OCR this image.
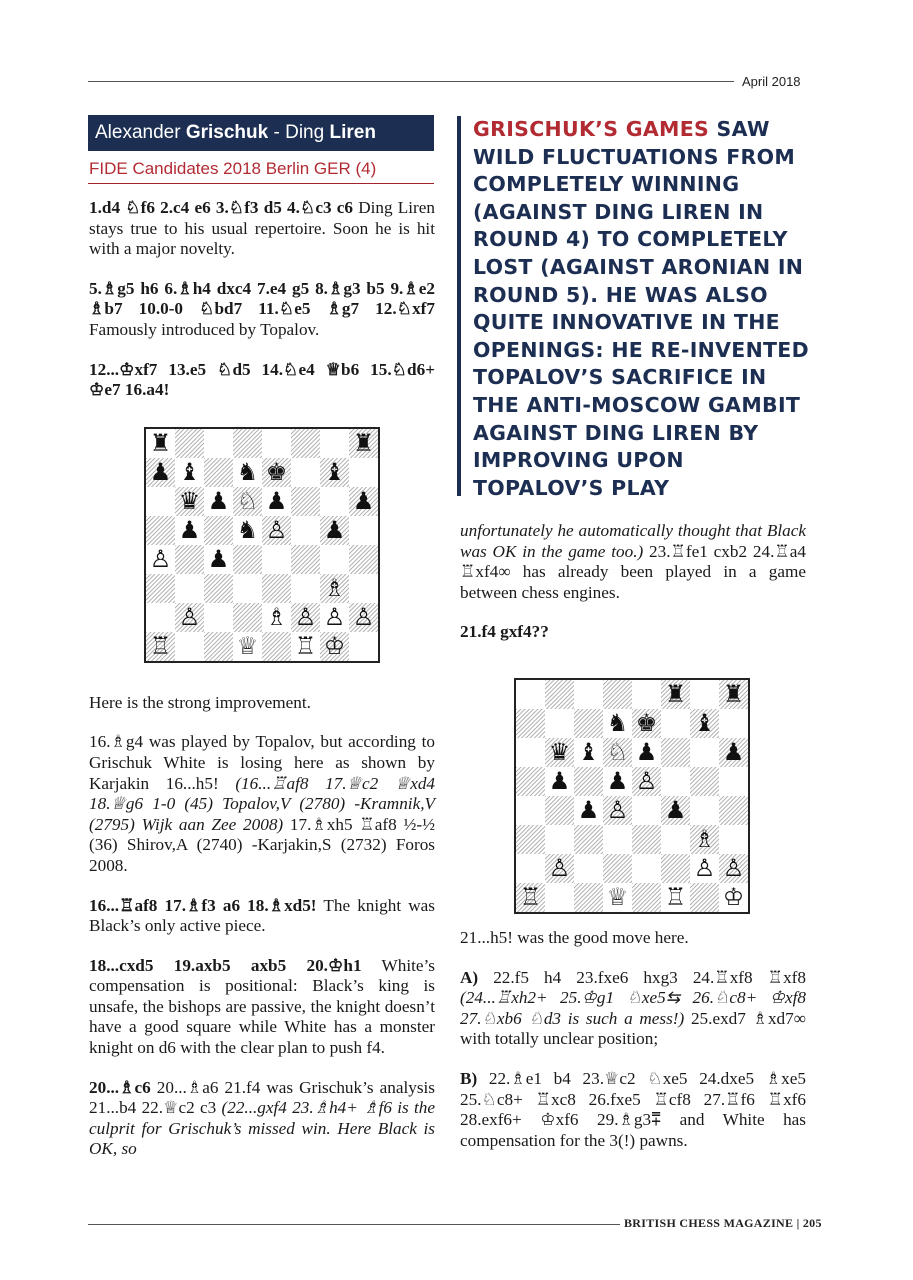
April 2018
Alexander Grischuk - Ding Liren
FIDE Candidates 2018 Berlin GER (4)
GRISCHUK’S GAMES SAW WILD FLUCTUATIONS FROM COMPLETELY WINNING (AGAINST DING LIREN IN ROUND 4) TO COMPLETELY LOST (AGAINST ARONIAN IN ROUND 5). HE WAS ALSO QUITE INNOVATIVE IN THE OPENINGS: HE RE-INVENTED TOPALOV’S SACRIFICE IN THE ANTI-MOSCOW GAMBIT AGAINST DING LIREN BY IMPROVING UPON TOPALOV’S PLAY

1.d4 ♘f6 2.c4 e6 3.♘f3 d5 4.♘c3 c6 Ding Liren stays true to his usual repertoire. Soon he is hit with a major novelty.

5.♗g5 h6 6.♗h4 dxc4 7.e4 g5 8.♗g3 b5 9.♗e2 ♗b7 10.0-0 ♘bd7 11.♘e5 ♗g7 12.♘xf7 Famously introduced by Topalov.

12...♔xf7 13.e5 ♘d5 14.♘e4 ♕b6 15.♘d6+ ♔e7 16.a4!

Here is the strong improvement.

16.♗g4 was played by Topalov, but according to Grischuk White is losing here as shown by Karjakin 16...h5! (16...♖af8 17.♕c2 ♕xd4 18.♕g6 1-0 (45) Topalov,V (2780) -Kramnik,V (2795) Wijk aan Zee 2008) 17.♗xh5 ♖af8 ½-½ (36) Shirov,A (2740) -Karjakin,S (2732) Foros 2008.

16...♖af8 17.♗f3 a6 18.♗xd5! The knight was Black’s only active piece.

18...cxd5 19.axb5 axb5 20.♔h1 White’s compensation is positional: Black’s king is unsafe, the bishops are passive, the knight doesn’t have a good square while White has a monster knight on d6 with the clear plan to push f4.

20...♗c6 20...♗a6 21.f4 was Grischuk’s analysis 21...b4 22.♕c2 c3 (22...gxf4 23.♗h4+ ♗f6 is the culprit for Grischuk’s missed win. Here Black is OK, so

unfortunately he automatically thought that Black was OK in the game too.) 23.♖fe1 cxb2 24.♖a4 ♖xf4∞ has already been played in a game between chess engines.

21.f4 gxf4??

21...h5! was the good move here.

A) 22.f5 h4 23.fxe6 hxg3 24.♖xf8 ♖xf8 (24...♖xh2+ 25.♔g1 ♘xe5⇆ 26.♘c8+ ♔xf8 27.♘xb6 ♘d3 is such a mess!) 25.exd7 ♗xd7∞ with totally unclear position;

B) 22.♗e1 b4 23.♕c2 ♘xe5 24.dxe5 ♗xe5 25.♘c8+ ♖xc8 26.fxe5 ♖cf8 27.♖f6 ♖xf6 28.exf6+ ♔xf6 29.♗g3⩱ and White has compensation for the 3(!) pawns.

♜	♜
♟ ♝ ♞ ♚ ♝
♛ ♟ ♘ ♟	♟
♟ ♞ ♙ ♟
♙ ♟
♗
♙	♗ ♙ ♙ ♙
♖	♕ ♖ ♔
♜ ♜
♞ ♚ ♝
♛ ♝ ♘ ♟	♟
♟ ♟ ♙
♟ ♙ ♟
♗
♙	♙ ♙
♖	♕ ♖ ♔
BRITISH CHESS MAGAZINE | 205
